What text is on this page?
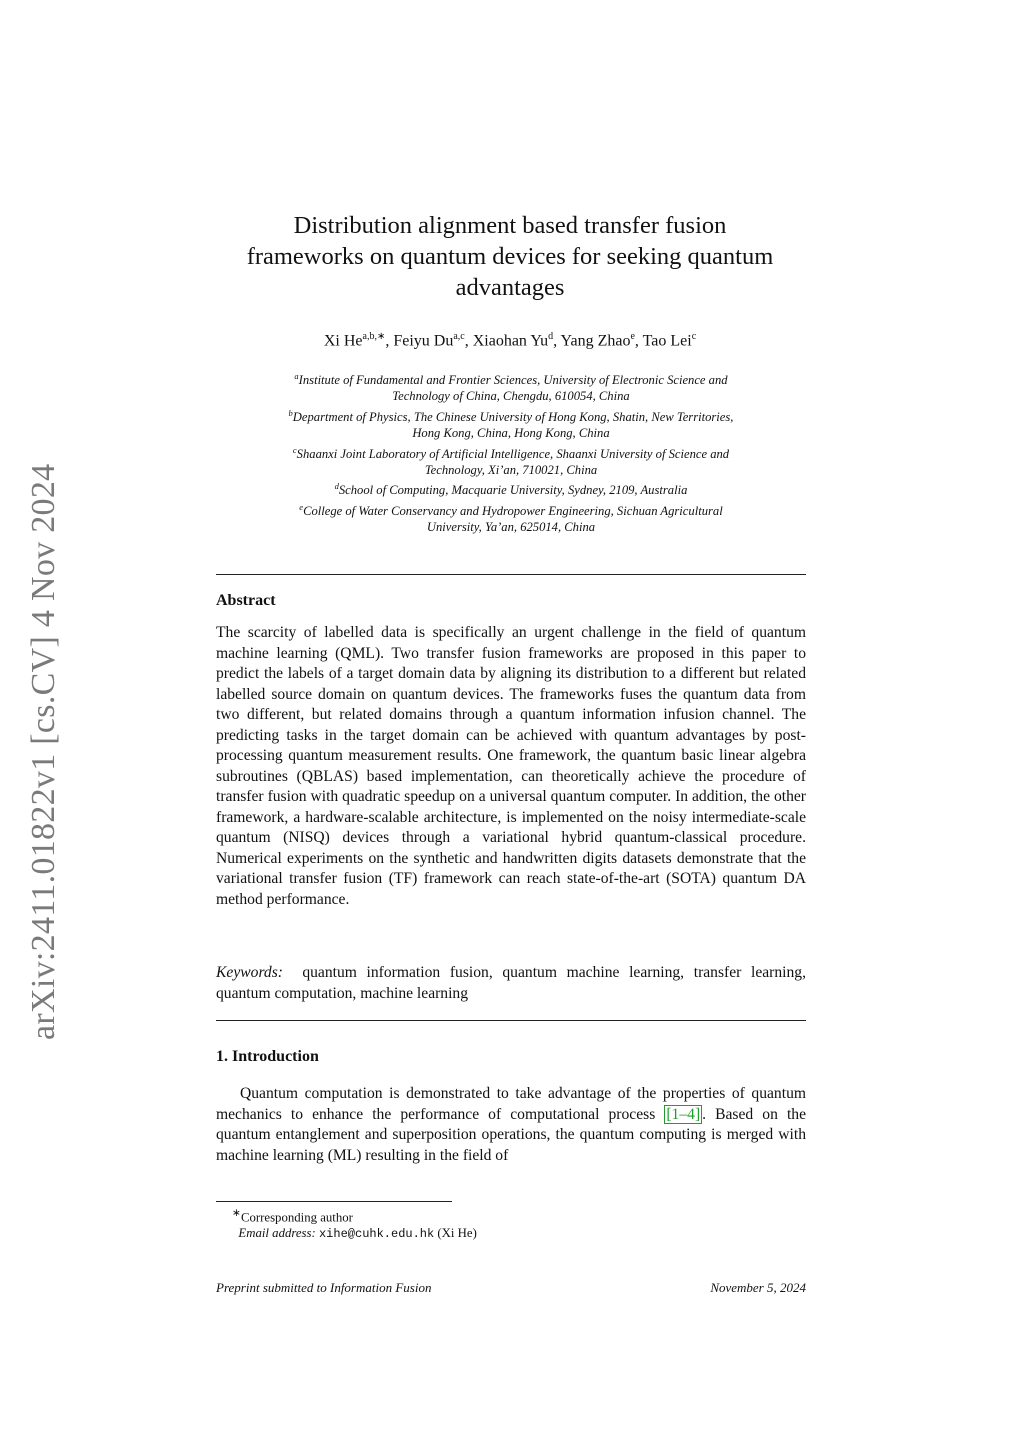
arXiv:2411.01822v1 [cs.CV] 4 Nov 2024
Distribution alignment based transfer fusion
frameworks on quantum devices for seeking quantum
advantages
Xi $He^{a,b,∗}$, Feiyu Du$^{a,c}$, Xiaohan Yu$^d$, Yang Zhao$^e$, Tao Lei$^c$
$^a$Institute of Fundamental and Frontier Sciences, University of Electronic Science and
Technology of China, Chengdu, 610054, China
$^b$Department of Physics, The Chinese University of Hong Kong, Shatin, New Territories,
Hong Kong, China, Hong Kong, China
$^c$Shaanxi Joint Laboratory of Artificial Intelligence, Shaanxi University of Science and
Technology, Xi’an, 710021, China
$^d$School of Computing, Macquarie University, Sydney, 2109, Australia
$^e$College of Water Conservancy and Hydropower Engineering, Sichuan Agricultural
University, Ya’an, 625014, China
Abstract
The scarcity of labelled data is specifically an urgent challenge in the field of quantum machine learning (QML). Two transfer fusion frameworks are proposed in this paper to predict the labels of a target domain data by aligning its distribution to a different but related labelled source domain on quantum devices. The frameworks fuses the quantum data from two different, but related domains through a quantum information infusion channel. The predicting tasks in the target domain can be achieved with quantum advantages by post-processing quantum measurement results. One framework, the quantum basic linear algebra subroutines (QBLAS) based implementation, can theoretically achieve the procedure of transfer fusion with quadratic speedup on a universal quantum computer. In addition, the other framework, a hardware-scalable architecture, is implemented on the noisy intermediate-scale quantum (NISQ) devices through a variational hybrid quantum-classical procedure. Numerical experiments on the synthetic and handwritten digits datasets demonstrate that the variational transfer fusion (TF) framework can reach state-of-the-art (SOTA) quantum DA method performance.
Keywords: quantum information fusion, quantum machine learning, transfer learning, quantum computation, machine learning
1. Introduction
Quantum computation is demonstrated to take advantage of the properties of quantum mechanics to enhance the performance of computational process [1–4] . Based on the quantum entanglement and superposition operations, the quantum computing is merged with machine learning (ML) resulting in the field of
∗Corresponding author
Email address: xihe@cuhk.edu.hk (Xi He)
Preprint submitted to Information Fusion	November 5, 2024
